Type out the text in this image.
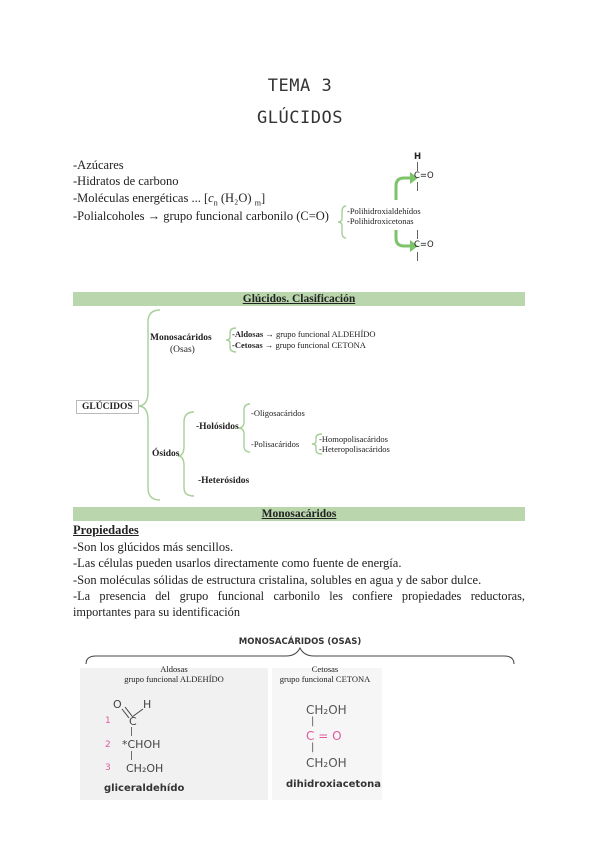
TEMA 3
GLÚCIDOS
-Azúcares
-Hidratos de carbono
-Moléculas energéticas ... [$c_n$ (H₂O) $_m$]
-Polialcoholes → grupo funcional carbonilo (C=O)
H
|
C=O
|
-Polihidroxialdehídos
-Polihidroxicetonas
|
C=O
|
Glúcidos. Clasificación
GLÚCIDOS
Monosacáridos
(Osas)
-Aldosas → grupo funcional ALDEHÍDO
-Cetosas → grupo funcional CETONA
Ósidos
-Holósidos
-Oligosacáridos
-Polisacáridos -Homopolisacáridos
-Heteropolisacáridos
-Heterósidos
Monosacáridos
Propiedades
-Son los glúcidos más sencillos.
-Las células pueden usarlos directamente como fuente de energía.
-Son moléculas sólidas de estructura cristalina, solubles en agua y de sabor dulce.
-La presencia del grupo funcional carbonilo les confiere propiedades reductoras, importantes para su identificación
MONOSACÁRIDOS (OSAS)
Aldosas
grupo funcional ALDEHÍDO
Cetosas
grupo funcional CETONA
1
2
3
O H
C
|
*CHOH
|
CH₂OH
gliceraldehído
CH₂OH
|
C = O
|
CH₂OH
dihidroxiacetona
